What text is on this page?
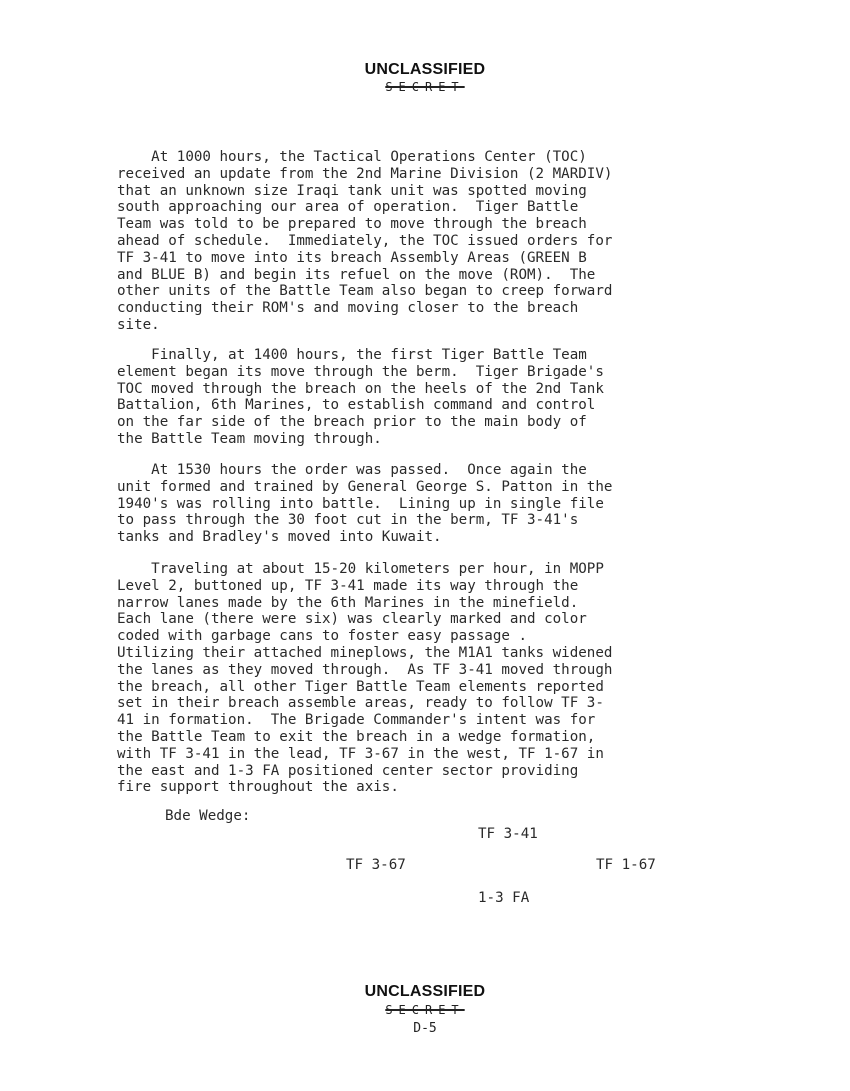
UNCLASSIFIED
SECRET
At 1000 hours, the Tactical Operations Center (TOC)
received an update from the 2nd Marine Division (2 MARDIV)
that an unknown size Iraqi tank unit was spotted moving
south approaching our area of operation.  Tiger Battle
Team was told to be prepared to move through the breach
ahead of schedule.  Immediately, the TOC issued orders for
TF 3-41 to move into its breach Assembly Areas (GREEN B
and BLUE B) and begin its refuel on the move (ROM).  The
other units of the Battle Team also began to creep forward
conducting their ROM's and moving closer to the breach
site.
Finally, at 1400 hours, the first Tiger Battle Team
element began its move through the berm.  Tiger Brigade's
TOC moved through the breach on the heels of the 2nd Tank
Battalion, 6th Marines, to establish command and control
on the far side of the breach prior to the main body of
the Battle Team moving through.
At 1530 hours the order was passed.  Once again the
unit formed and trained by General George S. Patton in the
1940's was rolling into battle.  Lining up in single file
to pass through the 30 foot cut in the berm, TF 3-41's
tanks and Bradley's moved into Kuwait.
Traveling at about 15-20 kilometers per hour, in MOPP
Level 2, buttoned up, TF 3-41 made its way through the
narrow lanes made by the 6th Marines in the minefield.
Each lane (there were six) was clearly marked and color
coded with garbage cans to foster easy passage .
Utilizing their attached mineplows, the M1A1 tanks widened
the lanes as they moved through.  As TF 3-41 moved through
the breach, all other Tiger Battle Team elements reported
set in their breach assemble areas, ready to follow TF 3-
41 in formation.  The Brigade Commander's intent was for
the Battle Team to exit the breach in a wedge formation,
with TF 3-41 in the lead, TF 3-67 in the west, TF 1-67 in
the east and 1-3 FA positioned center sector providing
fire support throughout the axis.
Bde Wedge:
TF 3-41
TF 3-67	TF 1-67
1-3 FA
UNCLASSIFIED
SECRET
D-5
